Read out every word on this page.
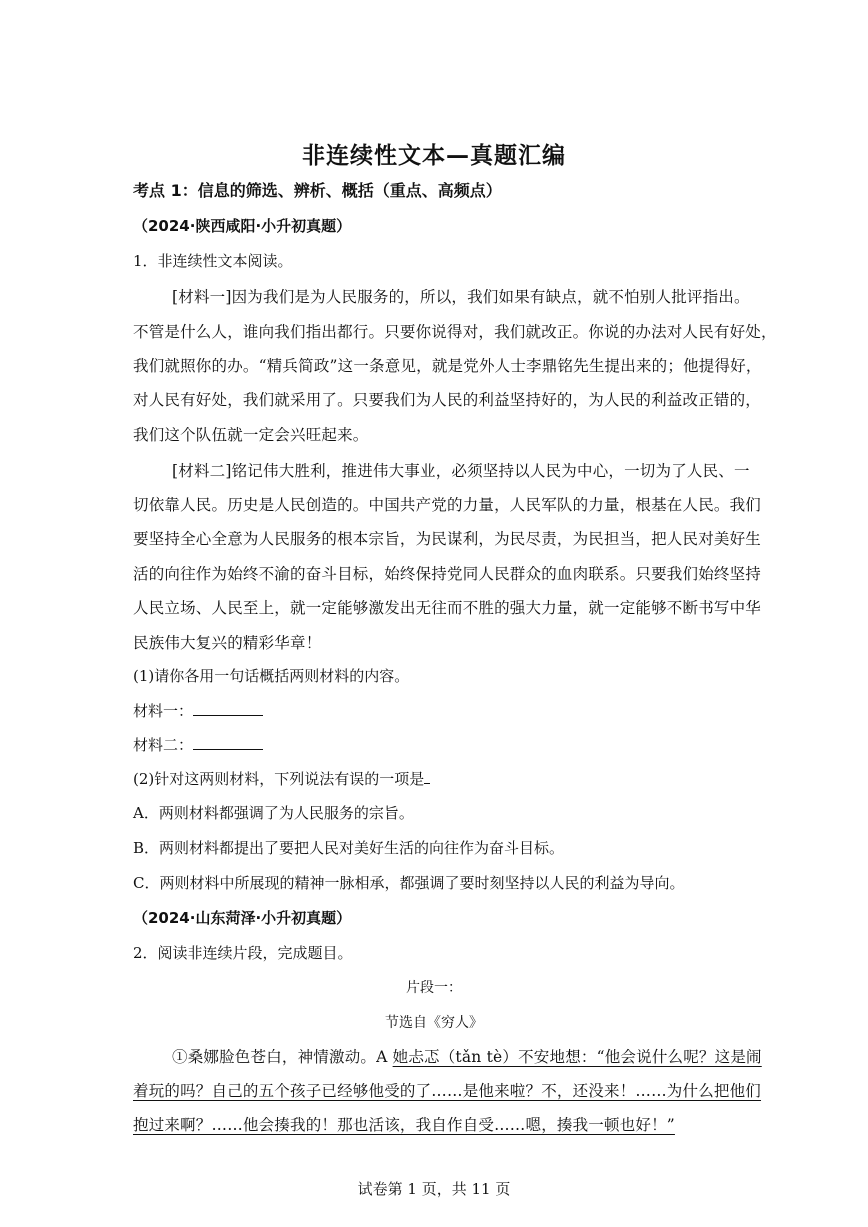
非连续性文本—真题汇编
考点 1：信息的筛选、辨析、概括（重点、高频点）
（2024·陕西咸阳·小升初真题）
1．非连续性文本阅读。
[材料一]因为我们是为人民服务的，所以，我们如果有缺点，就不怕别人批评指出。
不管是什么人，谁向我们指出都行。只要你说得对，我们就改正。你说的办法对人民有好处，
我们就照你的办。“精兵简政”这一条意见，就是党外人士李鼎铭先生提出来的；他提得好，
对人民有好处，我们就采用了。只要我们为人民的利益坚持好的，为人民的利益改正错的，
我们这个队伍就一定会兴旺起来。
[材料二]铭记伟大胜利，推进伟大事业，必须坚持以人民为中心，一切为了人民、一
切依靠人民。历史是人民创造的。中国共产党的力量，人民军队的力量，根基在人民。我们
要坚持全心全意为人民服务的根本宗旨，为民谋利，为民尽责，为民担当，把人民对美好生
活的向往作为始终不渝的奋斗目标，始终保持党同人民群众的血肉联系。只要我们始终坚持
人民立场、人民至上，就一定能够激发出无往而不胜的强大力量，就一定能够不断书写中华
民族伟大复兴的精彩华章！
(1)请你各用一句话概括两则材料的内容。
材料一：
材料二：
(2)针对这两则材料，下列说法有误的一项是
A．两则材料都强调了为人民服务的宗旨。
B．两则材料都提出了要把人民对美好生活的向往作为奋斗目标。
C．两则材料中所展现的精神一脉相承，都强调了要时刻坚持以人民的利益为导向。
（2024·山东菏泽·小升初真题）
2．阅读非连续片段，完成题目。
片段一：
节选自《穷人》
①桑娜脸色苍白，神情激动。A 她忐忑（tǎn tè）不安地想：“他会说什么呢？这是闹
着玩的吗？自己的五个孩子已经够他受的了……是他来啦？不，还没来！……为什么把他们
抱过来啊？……他会揍我的！那也活该，我自作自受……嗯，揍我一顿也好！”
试卷第 1 页，共 11 页
